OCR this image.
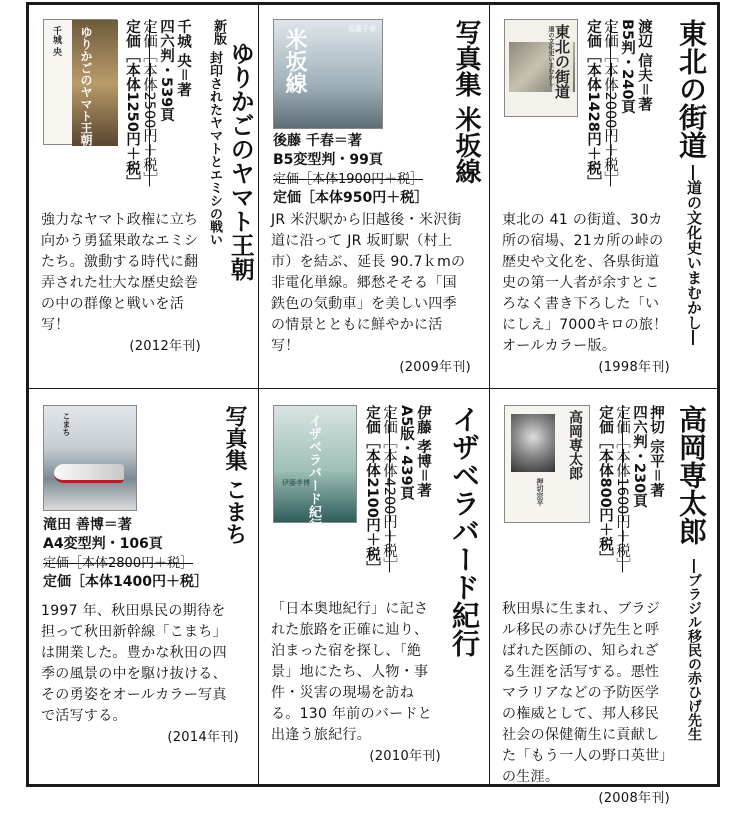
東北の街道
道の文化史いまむかし	渡辺 信夫＝著
B5判・240頁
定価［本体2000円＋税］
定価［本体1428円＋税］	東北の街道
―道の文化史いまむかし―
東北の 41 の街道、30カ所の宿場、21カ所の峠の歴史や文化を、各県街道史の第一人者が余すところなく書き下ろした「いにしえ」7000キロの旅！オールカラー版。
(1998年刊)
米坂線	後藤千春	写真集 米坂線
後藤 千春＝著
B5変型判・99頁
定価［本体1900円＋税］
定価［本体950円＋税］
JR 米沢駅から旧越後・米沢街道に沿って JR 坂町駅（村上市）を結ぶ、延長 90.7ｋmの非電化単線。郷愁そそる「国鉄色の気動車」を美しい四季の情景とともに鮮やかに活写！
(2009年刊)
ゆりかごのヤマト王朝
千城 央	千城 央＝著
四六判・539頁
定価［本体2500円＋税］
定価［本体1250円＋税］	新版
ゆりかごのヤマト王朝
封印されたヤマトとエミシの戦い
強力なヤマト政権に立ち向かう勇猛果敢なエミシたち。激動する時代に翻弄された壮大な歴史絵巻の中の群像と戦いを活写！
(2012年刊)
高岡専太郎
押切宗平	押切 宗平＝著
四六判・230頁
定価［本体1600円＋税］
定価［本体800円＋税］	高岡専太郎
―ブラジル移民の赤ひげ先生
秋田県に生まれ、ブラジル移民の赤ひげ先生と呼ばれた医師の、知られざる生涯を活写する。悪性マラリアなどの予防医学の権威として、邦人移民社会の保健衛生に貢献した「もう一人の野口英世」の生涯。
(2008年刊)
イザベラバード紀行
伊藤孝博	伊藤 孝博＝著
A5版・439頁
定価［本体4200円＋税］
定価［本体2100円＋税］	イザベラバード紀行
「日本奥地紀行」に記された旅路を正確に辿り、泊まった宿を探し、「絶景」地にたち、人物・事件・災害の現場を訪ねる。130 年前のバードと出逢う旅紀行。
(2010年刊)
こまち	写真集 こまち
滝田 善博＝著
A4変型判・106頁
定価［本体2800円＋税］
定価［本体1400円＋税］
1997 年、秋田県民の期待を担って秋田新幹線「こまち」は開業した。豊かな秋田の四季の風景の中を駆け抜ける、その勇姿をオールカラー写真で活写する。
(2014年刊)
